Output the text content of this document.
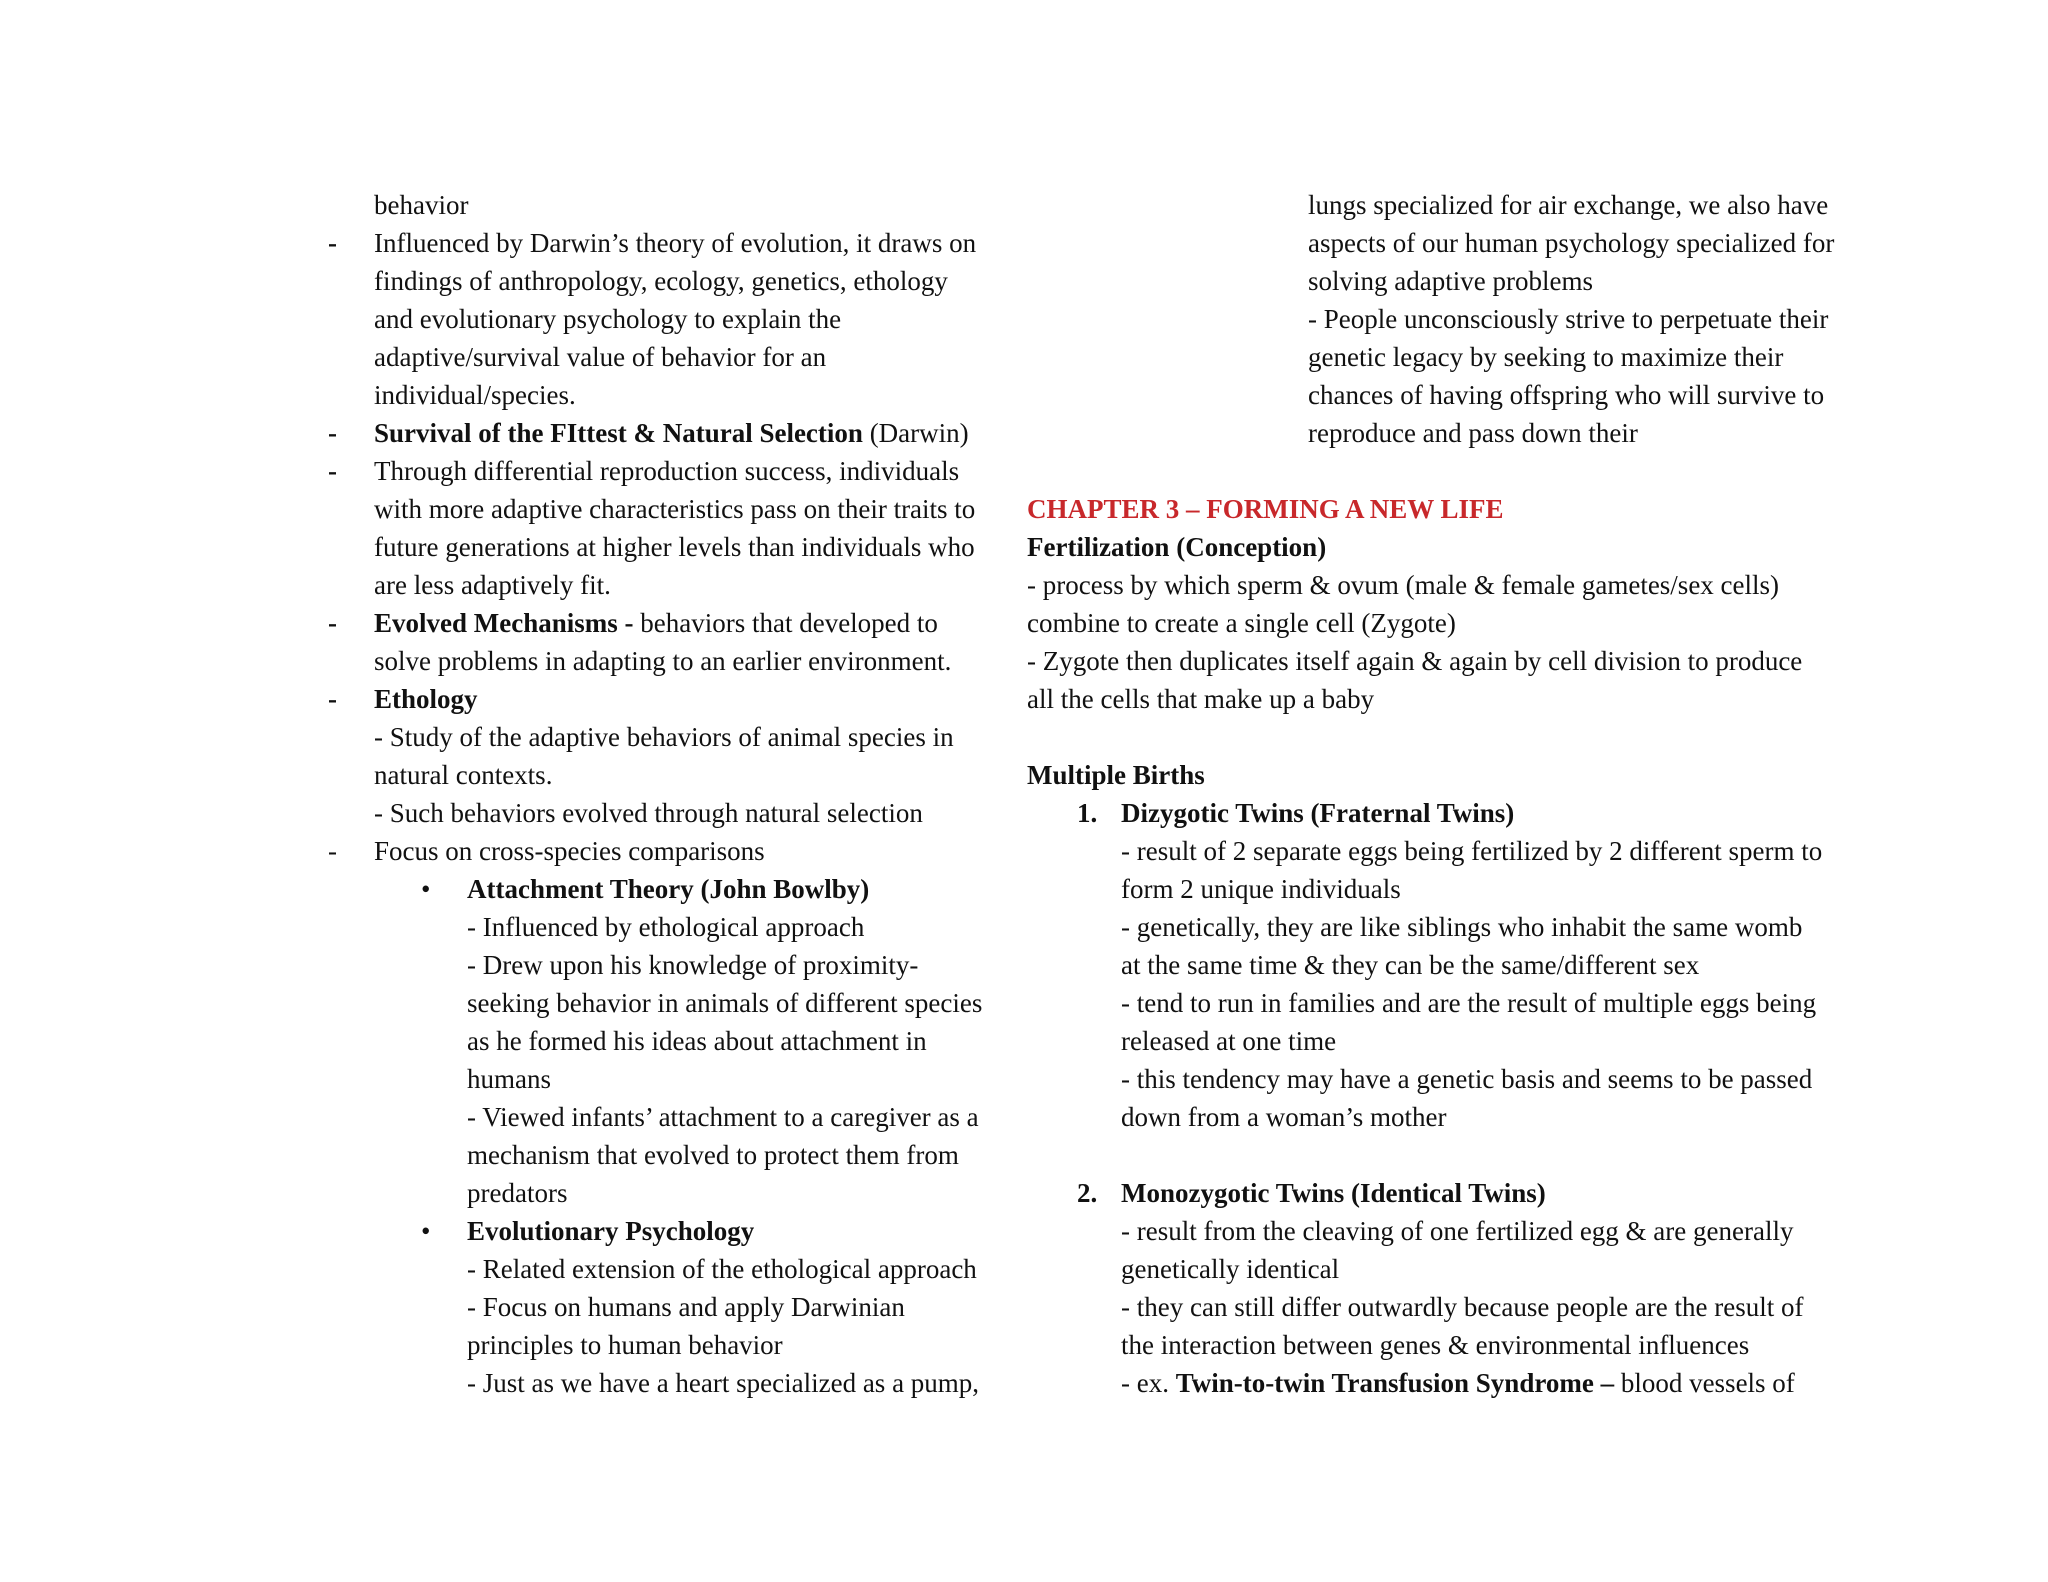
behavior
- Influenced by Darwin’s theory of evolution, it draws on
findings of anthropology, ecology, genetics, ethology
and evolutionary psychology to explain the
adaptive/survival value of behavior for an
individual/species.
- Survival of the FIttest & Natural Selection (Darwin)
- Through differential reproduction success, individuals
with more adaptive characteristics pass on their traits to
future generations at higher levels than individuals who
are less adaptively fit.
- Evolved Mechanisms - behaviors that developed to
solve problems in adapting to an earlier environment.
- Ethology
- Study of the adaptive behaviors of animal species in
natural contexts.
- Such behaviors evolved through natural selection
- Focus on cross-species comparisons
• Attachment Theory (John Bowlby)
- Influenced by ethological approach
- Drew upon his knowledge of proximity-
seeking behavior in animals of different species
as he formed his ideas about attachment in
humans
- Viewed infants’ attachment to a caregiver as a
mechanism that evolved to protect them from
predators
• Evolutionary Psychology
- Related extension of the ethological approach
- Focus on humans and apply Darwinian
principles to human behavior
- Just as we have a heart specialized as a pump,
lungs specialized for air exchange, we also have
aspects of our human psychology specialized for
solving adaptive problems
- People unconsciously strive to perpetuate their
genetic legacy by seeking to maximize their
chances of having offspring who will survive to
reproduce and pass down their
CHAPTER 3 – FORMING A NEW LIFE
Fertilization (Conception)
- process by which sperm & ovum (male & female gametes/sex cells)
combine to create a single cell (Zygote)
- Zygote then duplicates itself again & again by cell division to produce
all the cells that make up a baby
Multiple Births
1. Dizygotic Twins (Fraternal Twins)
- result of 2 separate eggs being fertilized by 2 different sperm to
form 2 unique individuals
- genetically, they are like siblings who inhabit the same womb
at the same time & they can be the same/different sex
- tend to run in families and are the result of multiple eggs being
released at one time
- this tendency may have a genetic basis and seems to be passed
down from a woman’s mother
2. Monozygotic Twins (Identical Twins)
- result from the cleaving of one fertilized egg & are generally
genetically identical
- they can still differ outwardly because people are the result of
the interaction between genes & environmental influences
- ex. Twin-to-twin Transfusion Syndrome – blood vessels of
